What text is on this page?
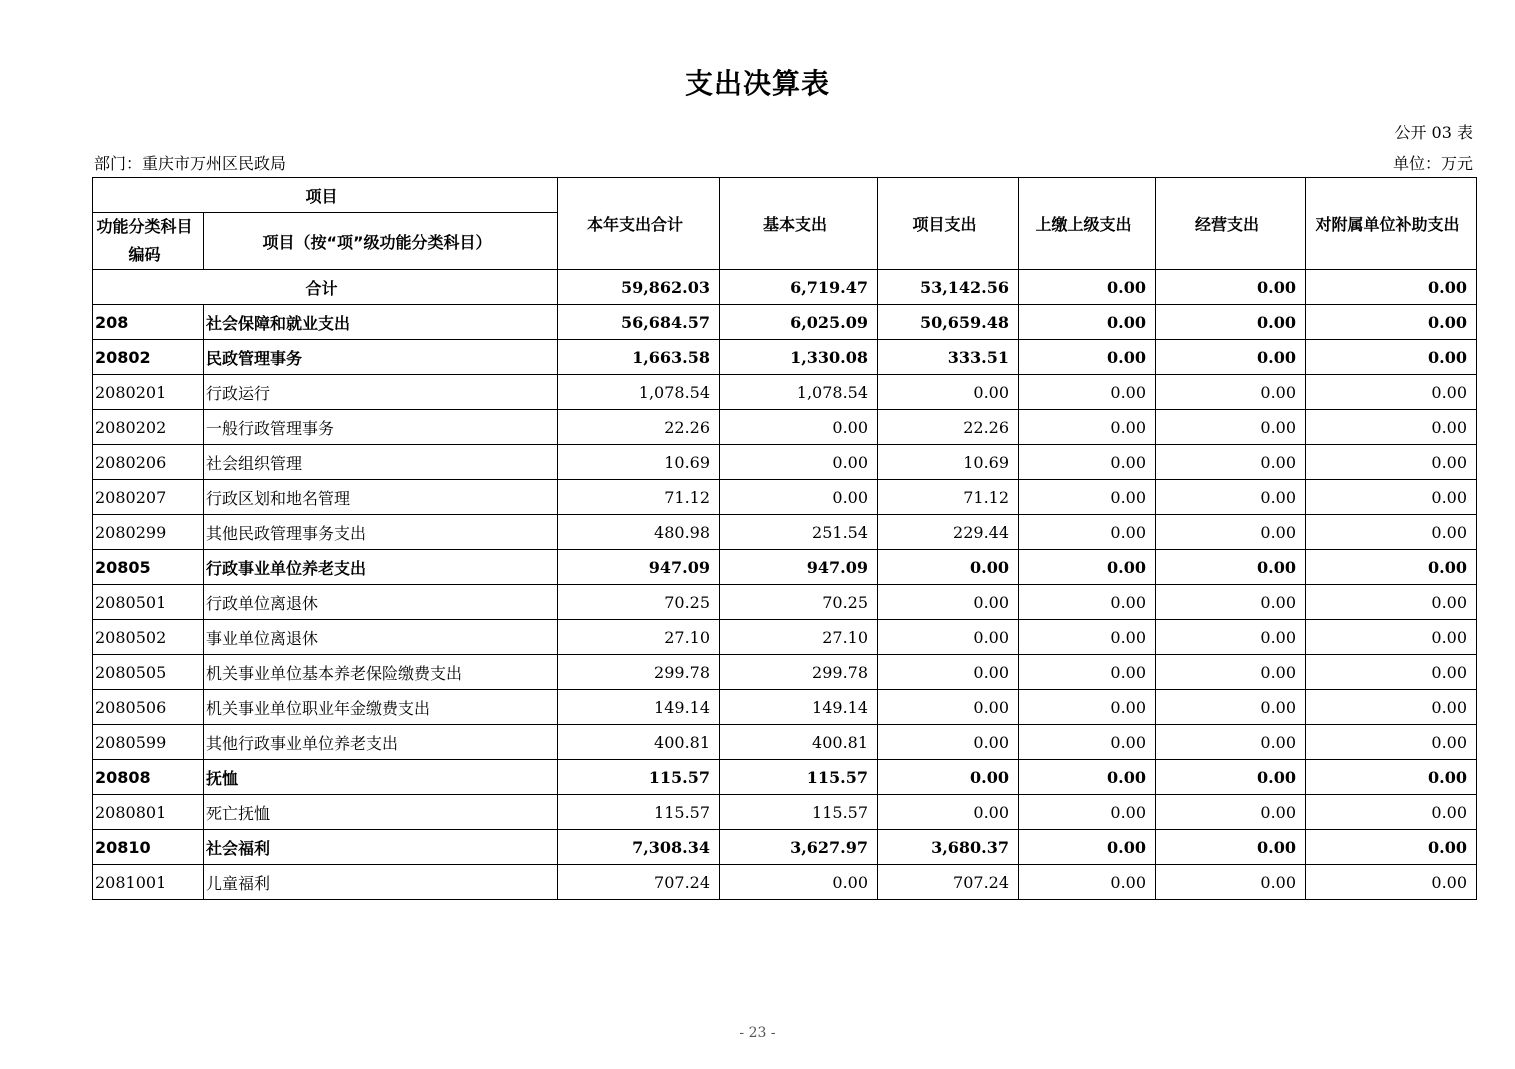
支出决算表
公开 03 表
部门：重庆市万州区民政局	单位：万元
项目		本年支出合计	基本支出	项目支出	上缴上级支出	经营支出	对附属单位补助支出
功能分类科目编码	项目（按“项”级功能分类科目）						
合计		59,862.03	6,719.47	53,142.56	0.00	0.00	0.00
208	社会保障和就业支出	56,684.57	6,025.09	50,659.48	0.00	0.00	0.00
20802	民政管理事务	1,663.58	1,330.08	333.51	0.00	0.00	0.00
2080201	行政运行	1,078.54	1,078.54	0.00	0.00	0.00	0.00
2080202	一般行政管理事务	22.26	0.00	22.26	0.00	0.00	0.00
2080206	社会组织管理	10.69	0.00	10.69	0.00	0.00	0.00
2080207	行政区划和地名管理	71.12	0.00	71.12	0.00	0.00	0.00
2080299	其他民政管理事务支出	480.98	251.54	229.44	0.00	0.00	0.00
20805	行政事业单位养老支出	947.09	947.09	0.00	0.00	0.00	0.00
2080501	行政单位离退休	70.25	70.25	0.00	0.00	0.00	0.00
2080502	事业单位离退休	27.10	27.10	0.00	0.00	0.00	0.00
2080505	机关事业单位基本养老保险缴费支出	299.78	299.78	0.00	0.00	0.00	0.00
2080506	机关事业单位职业年金缴费支出	149.14	149.14	0.00	0.00	0.00	0.00
2080599	其他行政事业单位养老支出	400.81	400.81	0.00	0.00	0.00	0.00
20808	抚恤	115.57	115.57	0.00	0.00	0.00	0.00
2080801	死亡抚恤	115.57	115.57	0.00	0.00	0.00	0.00
20810	社会福利	7,308.34	3,627.97	3,680.37	0.00	0.00	0.00
2081001	儿童福利	707.24	0.00	707.24	0.00	0.00	0.00
- 23 -
